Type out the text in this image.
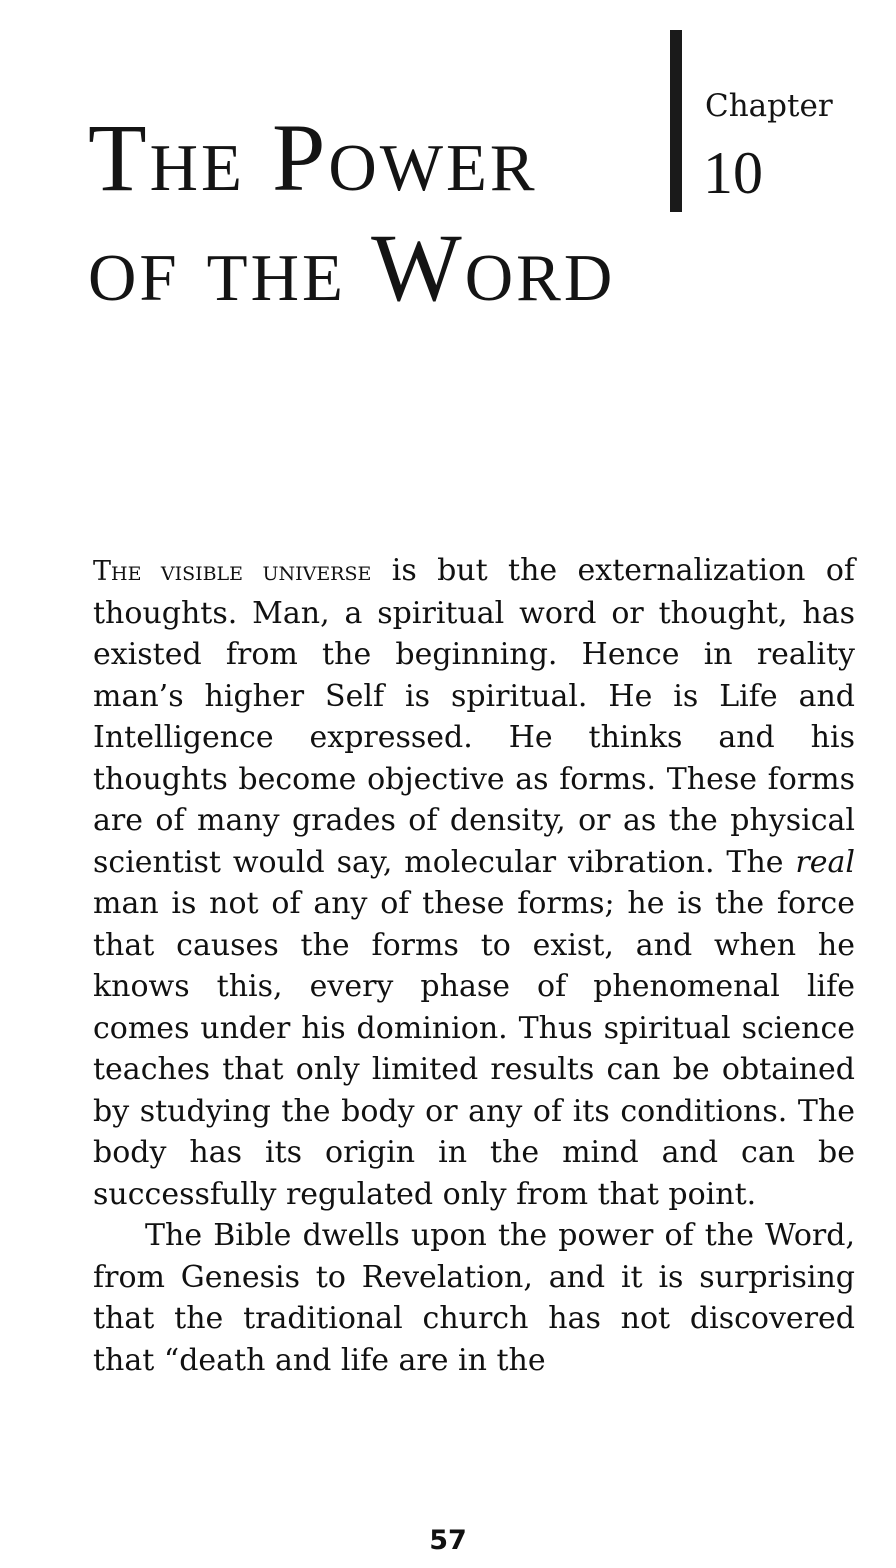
The Power
of the Word
Chapter
10

The visible universe is but the externalization of thoughts. Man, a spiritual word or thought, has existed from the beginning. Hence in reality man’s higher Self is spiritual. He is Life and Intelligence expressed. He thinks and his thoughts become objective as forms. These forms are of many grades of density, or as the physical scientist would say, molecular vibration. The real man is not of any of these forms; he is the force that causes the forms to exist, and when he knows this, every phase of phenomenal life comes under his dominion. Thus spiritual science teaches that only limited results can be obtained by studying the body or any of its conditions. The body has its origin in the mind and can be successfully regulated only from that point.

The Bible dwells upon the power of the Word, from Genesis to Revelation, and it is surprising that the traditional church has not discovered that “death and life are in the

57
